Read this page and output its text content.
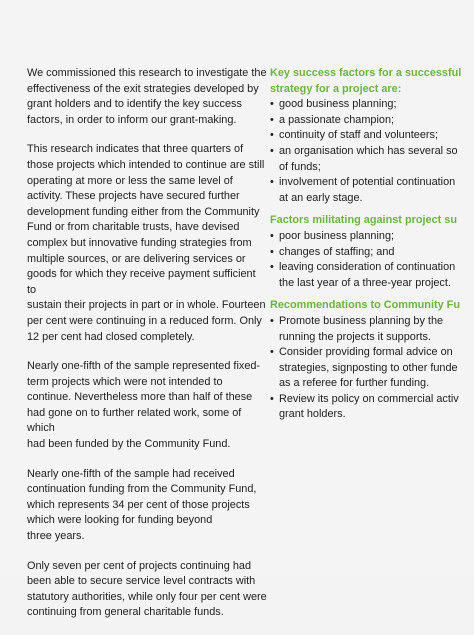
We commissioned this research to investigate the
effectiveness of the exit strategies developed by
grant holders and to identify the key success
factors, in order to inform our grant-making.

This research indicates that three quarters of
those projects which intended to continue are still
operating at more or less the same level of
activity. These projects have secured further
development funding either from the Community
Fund or from charitable trusts, have devised
complex but innovative funding strategies from
multiple sources, or are delivering services or
goods for which they receive payment sufficient to
sustain their projects in part or in whole. Fourteen
per cent were continuing in a reduced form. Only
12 per cent had closed completely.

Nearly one-fifth of the sample represented fixed-
term projects which were not intended to
continue. Nevertheless more than half of these
had gone on to further related work, some of which
had been funded by the Community Fund.

Nearly one-fifth of the sample had received
continuation funding from the Community Fund,
which represents 34 per cent of those projects
which were looking for funding beyond
three years.

Only seven per cent of projects continuing had
been able to secure service level contracts with
statutory authorities, while only four per cent were
continuing from general charitable funds.

Key success factors for a successful
strategy for a project are:

• good business planning;
• a passionate champion;
• continuity of staff and volunteers;
• an organisation which has several so
of funds;
• involvement of potential continuation
at an early stage.

Factors militating against project su

• poor business planning;
• changes of staffing; and
• leaving consideration of continuation
the last year of a three-year project.

Recommendations to Community Fu

• Promote business planning by the
running the projects it supports.
• Consider providing formal advice on
strategies, signposting to other funde
as a referee for further funding.
• Review its policy on commercial activ
grant holders.
